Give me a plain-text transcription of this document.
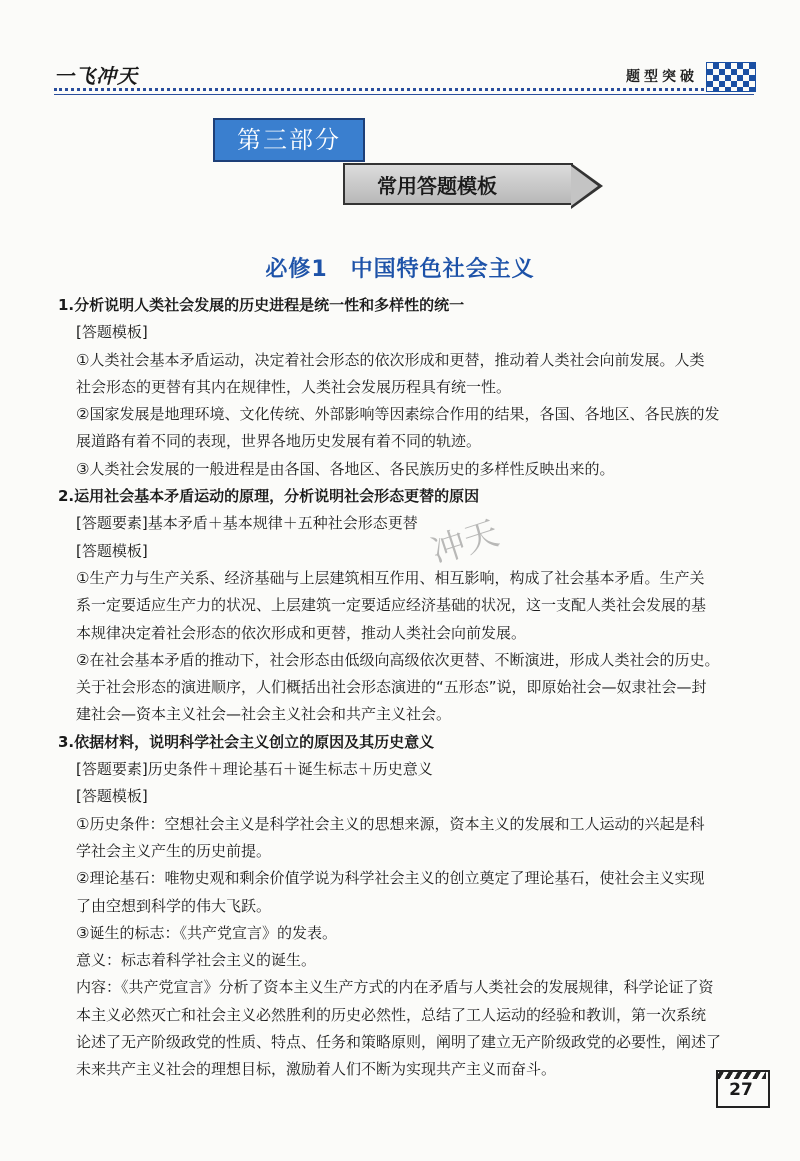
一飞冲天	题型突破
第三部分
常用答题模板
必修1　中国特色社会主义

1.分析说明人类社会发展的历史进程是统一性和多样性的统一

[答题模板]

①人类社会基本矛盾运动，决定着社会形态的依次形成和更替，推动着人类社会向前发展。人类

社会形态的更替有其内在规律性，人类社会发展历程具有统一性。

②国家发展是地理环境、文化传统、外部影响等因素综合作用的结果，各国、各地区、各民族的发

展道路有着不同的表现，世界各地历史发展有着不同的轨迹。

③人类社会发展的一般进程是由各国、各地区、各民族历史的多样性反映出来的。

2.运用社会基本矛盾运动的原理，分析说明社会形态更替的原因

[答题要素]基本矛盾＋基本规律＋五种社会形态更替

[答题模板]

①生产力与生产关系、经济基础与上层建筑相互作用、相互影响，构成了社会基本矛盾。生产关

系一定要适应生产力的状况、上层建筑一定要适应经济基础的状况，这一支配人类社会发展的基

本规律决定着社会形态的依次形成和更替，推动人类社会向前发展。

②在社会基本矛盾的推动下，社会形态由低级向高级依次更替、不断演进，形成人类社会的历史。

关于社会形态的演进顺序，人们概括出社会形态演进的“五形态”说，即原始社会—奴隶社会—封

建社会—资本主义社会—社会主义社会和共产主义社会。

3.依据材料，说明科学社会主义创立的原因及其历史意义

[答题要素]历史条件＋理论基石＋诞生标志＋历史意义

[答题模板]

①历史条件：空想社会主义是科学社会主义的思想来源，资本主义的发展和工人运动的兴起是科

学社会主义产生的历史前提。

②理论基石：唯物史观和剩余价值学说为科学社会主义的创立奠定了理论基石，使社会主义实现

了由空想到科学的伟大飞跃。

③诞生的标志：《共产党宣言》的发表。

意义：标志着科学社会主义的诞生。

内容：《共产党宣言》分析了资本主义生产方式的内在矛盾与人类社会的发展规律，科学论证了资

本主义必然灭亡和社会主义必然胜利的历史必然性，总结了工人运动的经验和教训，第一次系统

论述了无产阶级政党的性质、特点、任务和策略原则，阐明了建立无产阶级政党的必要性，阐述了

未来共产主义社会的理想目标，激励着人们不断为实现共产主义而奋斗。

冲天
27
